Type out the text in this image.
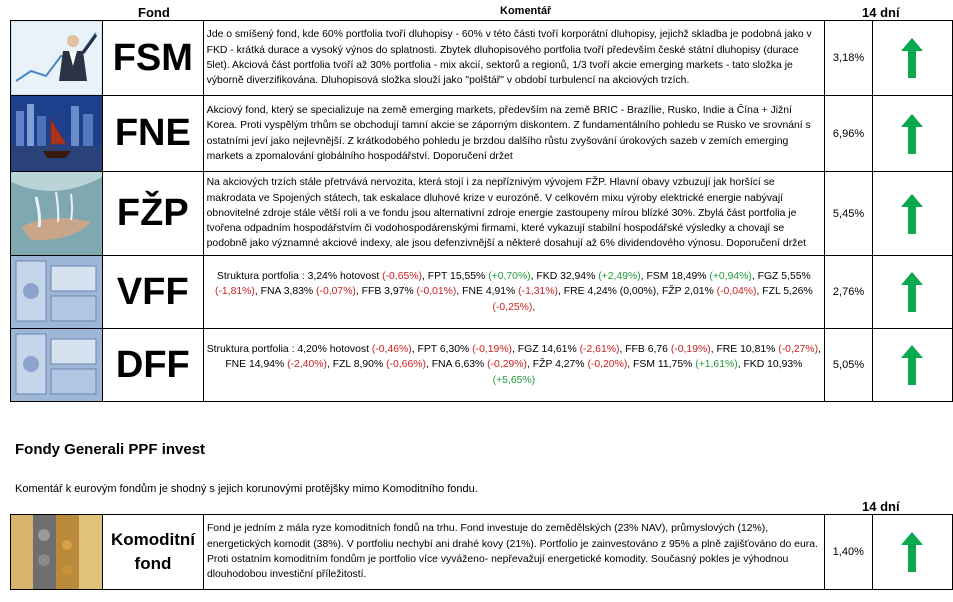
Fond	Komentář	14 dní
	FSM	Jde o smíšený fond, kde 60% portfolia tvoří dluhopisy - 60% v této části tvoří korporátní dluhopisy, jejichž skladba je podobná jako v FKD - krátká durace a vysoký výnos do splatnosti. Zbytek dluhopisového portfolia tvoří především české státní dluhopisy (durace 5let). Akciová část portfolia tvoří až 30% portfolia - mix akcií, sektorů a regionů, 1/3 tvoří akcie emerging markets - tato složka je výborně diverzifikována. Dluhopisová složka slouží jako "polštář" v období turbulencí na akciových trzích.	3,18%	

	FNE	Akciový fond, který se specializuje na země emerging markets, především na země BRIC - Brazílie, Rusko, Indie a Čína + Jižní Korea. Proti vyspělým trhům se obchodují tamní akcie se záporným diskontem. Z fundamentálního pohledu se Rusko ve srovnání s ostatními jeví jako nejlevnější. Z krátkodobého pohledu je brzdou dalšího růstu zvyšování úrokových sazeb v zemích emerging markets a zpomalování globálního hospodářství. Doporučení držet	6,96%	

	FŽP	Na akciových trzích stále přetrvává nervozita, která stojí i za nepříznivým vývojem FŽP. Hlavní obavy vzbuzují jak horšící se makrodata ve Spojených státech, tak eskalace dluhové krize v eurozóně. V celkovém mixu výroby elektrické energie nabývají obnovitelné zdroje stále větší roli a ve fondu jsou alternativní zdroje energie zastoupeny mírou blízké 30%. Zbylá část portfolia je tvořena odpadním hospodářstvím či vodohospodárenskými firmami, které vykazují stabilní hospodářské výsledky a chovají se podobně jako významné akciové indexy, ale jsou defenzivnější a některé dosahují až 6% dividendového výnosu. Doporučení držet	5,45%	

	VFF	Struktura portfolia : 3,24% hotovost (-0,65%), FPT 15,55% (+0,70%), FKD 32,94% (+2,49%), FSM 18,49% (+0,94%), FGZ 5,55% (-1,81%), FNA 3,83% (-0,07%), FFB 3,97% (-0,01%), FNE 4,91% (-1,31%), FRE 4,24% (0,00%), FŽP 2,01% (-0,04%), FZL 5,26% (-0,25%),	2,76%	

	DFF	Struktura portfolia : 4,20% hotovost (-0,46%), FPT 6,30% (-0,19%), FGZ 14,61% (-2,61%), FFB 6,76 (-0,19%), FRE 10,81% (-0,27%), FNE 14,94% (-2,40%), FZL 8,90% (-0,66%), FNA 6,63% (-0,29%), FŽP 4,27% (-0,20%), FSM 11,75% (+1,61%), FKD 10,93% (+5,65%)	5,05%	
Fondy Generali PPF invest
Komentář k eurovým fondům je shodný s jejich korunovými protějšky mimo Komoditního fondu.
14 dní

Komoditní
fond
	Fond je jedním z mála ryze komoditních fondů na trhu. Fond investuje do zemědělských (23% NAV), průmyslových (12%), energetických komodit (38%). V portfoliu nechybí ani drahé kovy (21%). Portfolio je zainvestováno z 95% a plně zajišťováno do eura. Proti ostatním komoditním fondům je portfolio více vyváženo- nepřevažují energetické komodity. Současný pokles je výhodnou dlouhodobou investiční příležitostí.	1,40%	
